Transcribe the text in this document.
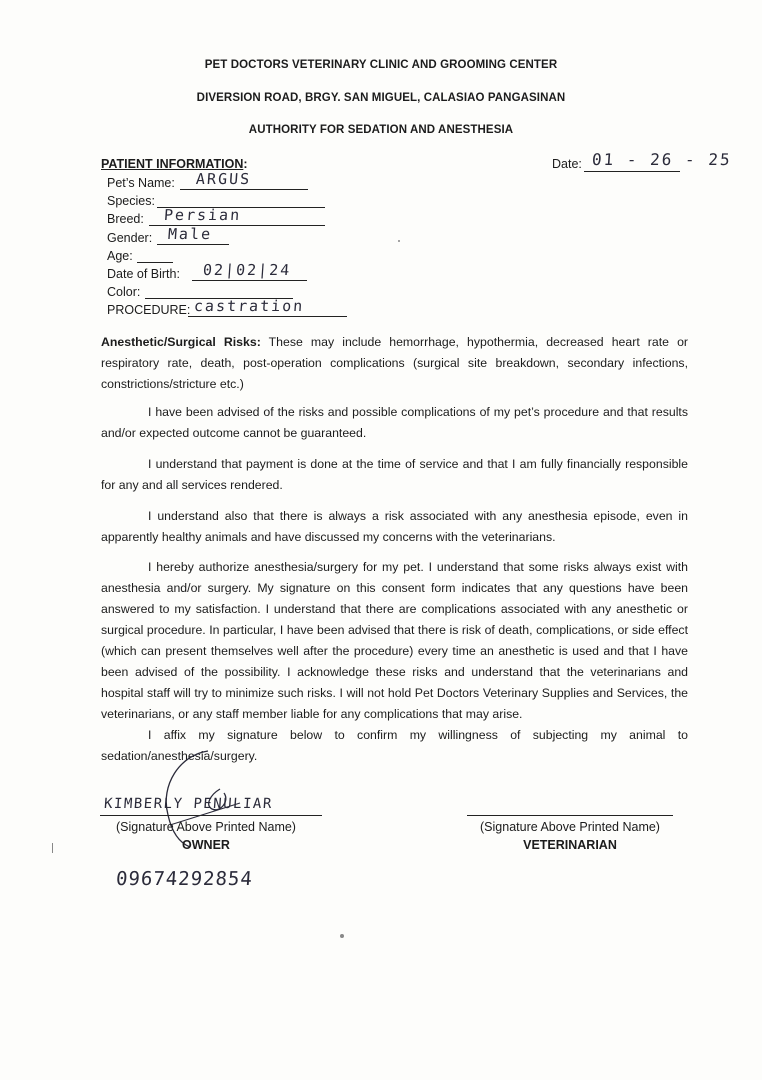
PET DOCTORS VETERINARY CLINIC AND GROOMING CENTER
DIVERSION ROAD, BRGY. SAN MIGUEL, CALASIAO PANGASINAN
AUTHORITY FOR SEDATION AND ANESTHESIA
PATIENT INFORMATION:	Date: 01 - 26 - 25
Pet’s Name: ARGUS
Species:
Breed: Persian
Gender: Male
Age:
Date of Birth: 02|02|24
Color:
PROCEDURE: castration
Anesthetic/Surgical Risks: These may include hemorrhage, hypothermia, decreased heart rate or respiratory rate, death, post-operation complications (surgical site breakdown, secondary infections, constrictions/stricture etc.)
I have been advised of the risks and possible complications of my pet’s procedure and that results and/or expected outcome cannot be guaranteed.
I understand that payment is done at the time of service and that I am fully financially responsible for any and all services rendered.
I understand also that there is always a risk associated with any anesthesia episode, even in apparently healthy animals and have discussed my concerns with the veterinarians.
I hereby authorize anesthesia/surgery for my pet. I understand that some risks always exist with anesthesia and/or surgery. My signature on this consent form indicates that any questions have been answered to my satisfaction. I understand that there are complications associated with any anesthetic or surgical procedure. In particular, I have been advised that there is risk of death, complications, or side effect (which can present themselves well after the procedure) every time an anesthetic is used and that I have been advised of the possibility. I acknowledge these risks and understand that the veterinarians and hospital staff will try to minimize such risks. I will not hold Pet Doctors Veterinary Supplies and Services, the veterinarians, or any staff member liable for any complications that may arise.
I affix my signature below to confirm my willingness of subjecting my animal to sedation/anesthesia/surgery.
KIMBERLY PENULIAR
(Signature Above Printed Name)
OWNER
09674292854
(Signature Above Printed Name)
VETERINARIAN
